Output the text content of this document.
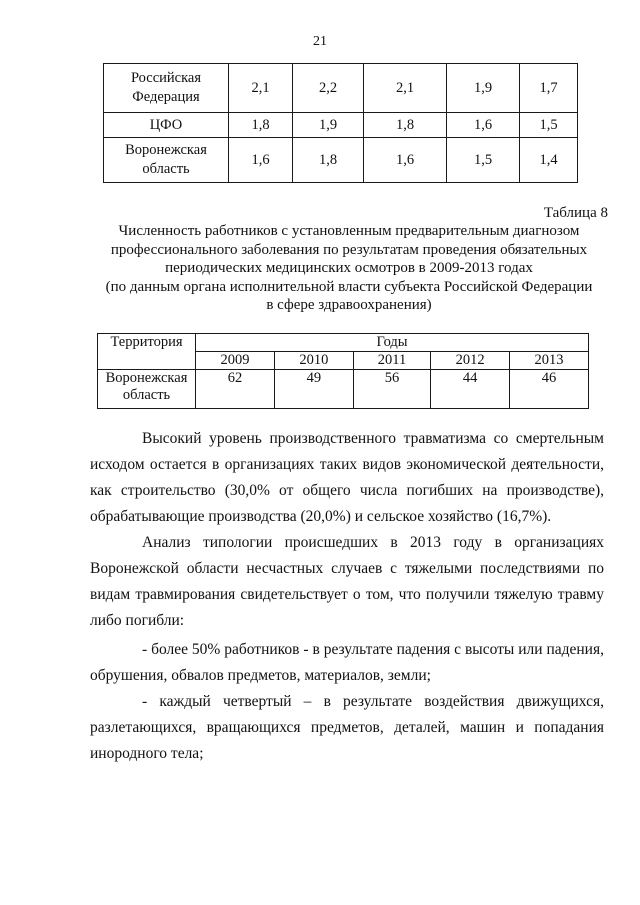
21
Российская Федерация	2,1	2,2	2,1	1,9	1,7
ЦФО	1,8	1,9	1,8	1,6	1,5
Воронежская область	1,6	1,8	1,6	1,5	1,4
Таблица 8
Численность работников с установленным предварительным диагнозом
профессионального заболевания по результатам проведения обязательных
периодических медицинских осмотров в 2009-2013 годах
(по данным органа исполнительной власти субъекта Российской Федерации
в сфере здравоохранения)
Территория	Годы				
	2009	2010	2011	2012	2013
Воронежская область	62	49	56	44	46

Высокий уровень производственного травматизма со смертельным исходом остается в организациях таких видов экономической деятельности, как строительство (30,0% от общего числа погибших на производстве), обрабатывающие производства (20,0%) и сельское хозяйство (16,7%).

Анализ типологии происшедших в 2013 году в организациях Воронежской области несчастных случаев с тяжелыми последствиями по видам травмирования свидетельствует о том, что получили тяжелую травму либо погибли:

- более 50% работников - в результате падения с высоты или падения, обрушения, обвалов предметов, материалов, земли;

- каждый четвертый – в результате воздействия движущихся, разлетающихся, вращающихся предметов, деталей, машин и попадания инородного тела;
